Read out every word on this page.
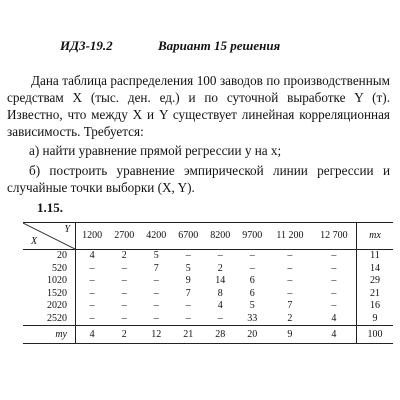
ИДЗ-19.2	Вариант 15 решения

Дана таблица распределения 100 заводов по производственным средствам X (тыс. ден. ед.) и по суточной выработке Y (т). Известно, что между X и Y существует линейная корреляционная зависимость. Требуется:

а) найти уравнение прямой регрессии y на x;

б) построить уравнение эмпирической линии регрессии и случайные точки выборки (X, Y).

1.15.
Y
X	1200	2700	4200	6700	8200	9700	11 200	12 700	mx
20	4	2	5	–	–	–	–	–	11
520	–	–	7	5	2	–	–	–	14
1020	–	–	–	9	14	6	–	–	29
1520	–	–	–	7	8	6	–	–	21
2020	–	–	–	–	4	5	7	–	16
2520	–	–	–	–	–	33	2	4	9
my	4	2	12	21	28	20	9	4	100
